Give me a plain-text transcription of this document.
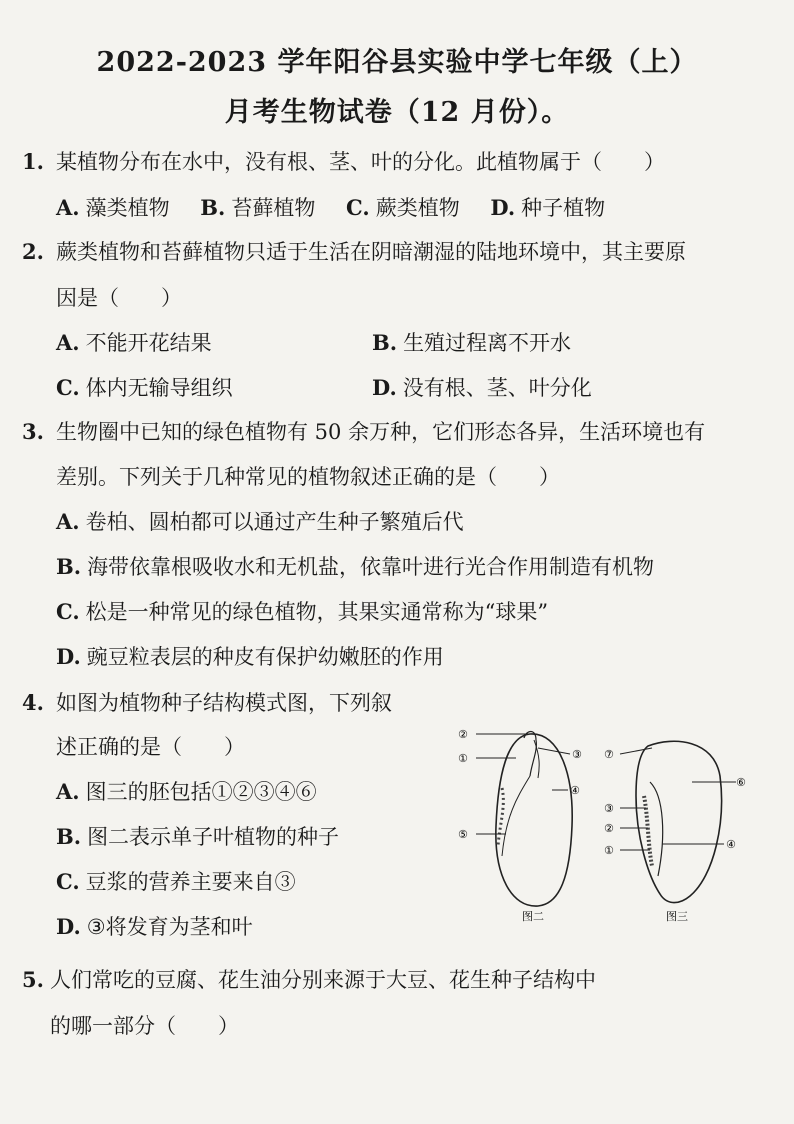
2022-2023 学年阳谷县实验中学七年级（上）
月考生物试卷（12 月份）。
1. 某植物分布在水中，没有根、茎、叶的分化。此植物属于（　　）
A. 藻类植物 B. 苔藓植物 C. 蕨类植物 D. 种子植物
2. 蕨类植物和苔藓植物只适于生活在阴暗潮湿的陆地环境中，其主要原
因是（　　）
A. 不能开花结果	B. 生殖过程离不开水
C. 体内无输导组织	D. 没有根、茎、叶分化
3. 生物圈中已知的绿色植物有 50 余万种，它们形态各异，生活环境也有
差别。下列关于几种常见的植物叙述正确的是（　　）
A. 卷柏、圆柏都可以通过产生种子繁殖后代
B. 海带依靠根吸收水和无机盐，依靠叶进行光合作用制造有机物
C. 松是一种常见的绿色植物，其果实通常称为“球果”
D. 豌豆粒表层的种皮有保护幼嫩胚的作用
4. 如图为植物种子结构模式图，下列叙
述正确的是（　　）
A. 图三的胚包括①②③④⑥
B. 图二表示单子叶植物的种子
C. 豆浆的营养主要来自③
D. ③将发育为茎和叶
②
①	③
④
⑤
图二
⑦
⑥
③
②
①	④
图三
5. 人们常吃的豆腐、花生油分别来源于大豆、花生种子结构中
的哪一部分（　　）
